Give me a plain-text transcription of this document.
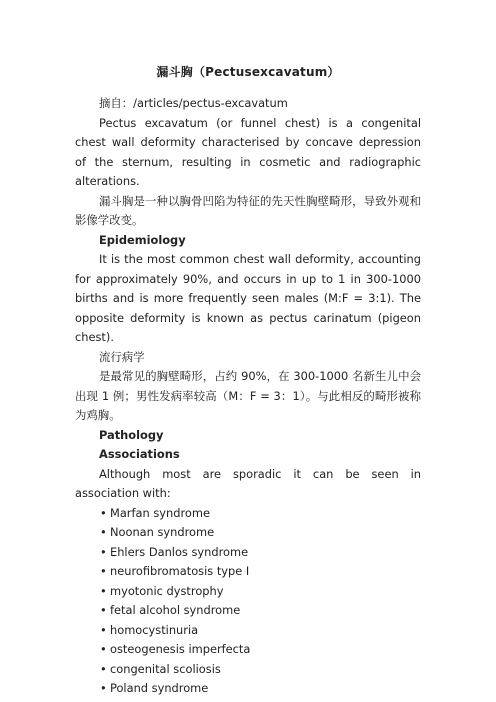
漏斗胸（Pectusexcavatum）

摘自：/articles/pectus-excavatum

Pectus excavatum (or funnel chest) is a congenital chest wall deformity characterised by concave depression of the sternum, resulting in cosmetic and radiographic alterations.

漏斗胸是一种以胸骨凹陷为特征的先天性胸壁畸形，导致外观和影像学改变。

Epidemiology

It is the most common chest wall deformity, accounting for approximately 90%, and occurs in up to 1 in 300-1000 births and is more frequently seen males (M:F = 3:1). The opposite deformity is known as pectus carinatum (pigeon chest).

流行病学

是最常见的胸壁畸形，占约 90%，在 300-1000 名新生儿中会出现 1 例；男性发病率较高（M：F = 3：1）。与此相反的畸形被称为鸡胸。

Pathology

Associations

Although most are sporadic it can be seen in association with:

• Marfan syndrome
• Noonan syndrome
• Ehlers Danlos syndrome
• neurofibromatosis type I
• myotonic dystrophy
• fetal alcohol syndrome
• homocystinuria
• osteogenesis imperfecta
• congenital scoliosis
• Poland syndrome
